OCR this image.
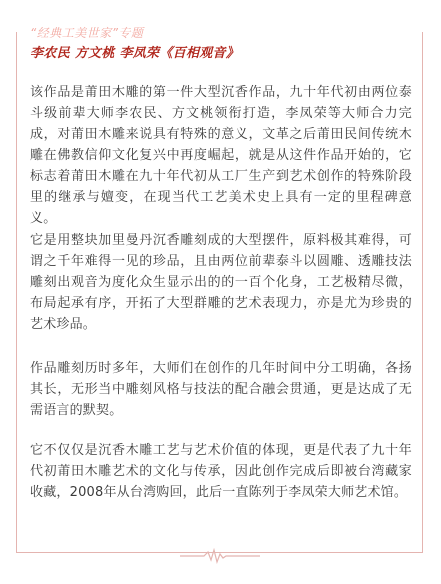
“经典工美世家”专题
李农民 方文桃 李凤荣《百相观音》

该作品是莆田木雕的第一件大型沉香作品，九十年代初由两位泰斗级前辈大师李农民、方文桃领衔打造，李凤荣等大师合力完成，对莆田木雕来说具有特殊的意义，文革之后莆田民间传统木雕在佛教信仰文化复兴中再度崛起，就是从这件作品开始的，它标志着莆田木雕在九十年代初从工厂生产到艺术创作的特殊阶段里的继承与嬗变，在现当代工艺美术史上具有一定的里程碑意义。

它是用整块加里曼丹沉香雕刻成的大型摆件，原料极其难得，可谓之千年难得一见的珍品，且由两位前辈泰斗以圆雕、透雕技法雕刻出观音为度化众生显示出的的一百个化身，工艺极精尽微，布局起承有序，开拓了大型群雕的艺术表现力，亦是尤为珍贵的艺术珍品。

作品雕刻历时多年，大师们在创作的几年时间中分工明确，各扬其长，无形当中雕刻风格与技法的配合融会贯通，更是达成了无需语言的默契。

它不仅仅是沉香木雕工艺与艺术价值的体现，更是代表了九十年代初莆田木雕艺术的文化与传承，因此创作完成后即被台湾藏家收藏，2008年从台湾购回，此后一直陈列于李凤荣大师艺术馆。
